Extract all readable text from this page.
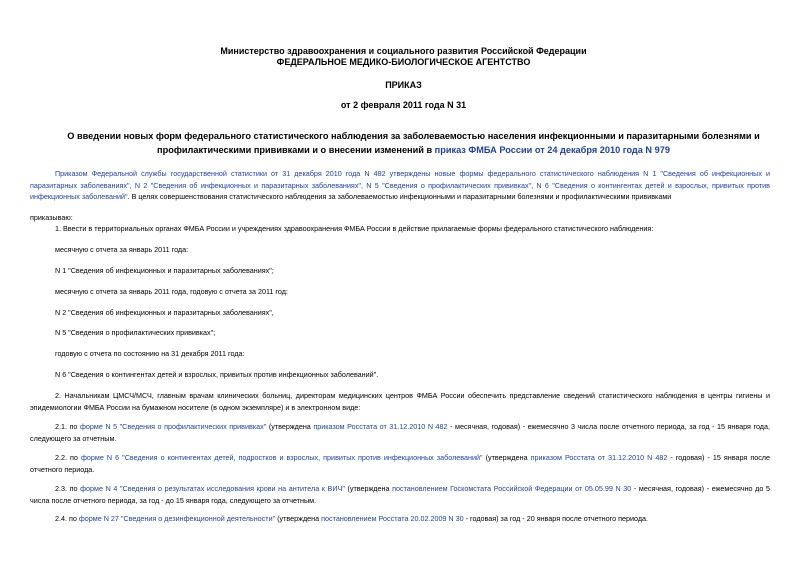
Министерство здравоохранения и социального развития Российской Федерации
ФЕДЕРАЛЬНОЕ МЕДИКО-БИОЛОГИЧЕСКОЕ АГЕНТСТВО
ПРИКАЗ
от 2 февраля 2011 года N 31
О введении новых форм федерального статистического наблюдения за заболеваемостью населения инфекционными и паразитарными болезнями и профилактическими прививками и о внесении изменений в приказ ФМБА России от 24 декабря 2010 года N 979
Приказом Федеральной службы государственной статистики от 31 декабря 2010 года N 482 утверждены новые формы федерального статистического наблюдения N 1 "Сведения об инфекционных и паразитарных заболеваниях", N 2 "Сведения об инфекционных и паразитарных заболеваниях", N 5 "Сведения о профилактических прививках", N 6 "Сведения о контингентах детей и взрослых, привитых против инфекционных заболеваний". В целях совершенствования статистического наблюдения за заболеваемостью инфекционными и паразитарными болезнями и профилактическими прививками
приказываю:
1. Ввести в территориальных органах ФМБА России и учреждениях здравоохранения ФМБА России в действие прилагаемые формы федерального статистического наблюдения:
месячную с отчета за январь 2011 года:
N 1 "Сведения об инфекционных и паразитарных заболеваниях";
месячную с отчета за январь 2011 года, годовую с отчета за 2011 год:
N 2 "Сведения об инфекционных и паразитарных заболеваниях",
N 5 "Сведения о профилактических прививках";
годовую с отчета по состоянию на 31 декабря 2011 года:
N 6 "Сведения о контингентах детей и взрослых, привитых против инфекционных заболеваний".
2. Начальникам ЦМСЧ/МСЧ, главным врачам клинических больниц, директорам медицинских центров ФМБА России обеспечить представление сведений статистического наблюдения в центры гигиены и эпидемиологии ФМБА России на бумажном носителе (в одном экземпляре) и в электронном виде:
2.1. по форме N 5 "Сведения о профилактических прививках" (утверждена приказом Росстата от 31.12.2010 N 482 - месячная, годовая) - ежемесячно 3 числа после отчетного периода, за год - 15 января года, следующего за отчетным.
2.2. по форме N 6 "Сведения о контингентах детей, подростков и взрослых, привитых против инфекционных заболеваний" (утверждена приказом Росстата от 31.12.2010 N 482 - годовая) - 15 января после отчетного периода.
2.3. по форме N 4 "Сведения о результатах исследования крови на антитела к ВИЧ" (утверждена постановлением Госкомстата Российской Федерации от 05.05.99 N 30 - месячная, годовая) - ежемесячно до 5 числа после отчетного периода, за год - до 15 января года, следующего за отчетным.
2.4. по форме N 27 "Сведения о дезинфекционной деятельности" (утверждена постановлением Росстата 20.02.2009 N 30 - годовая) за год - 20 января после отчетного периода.
